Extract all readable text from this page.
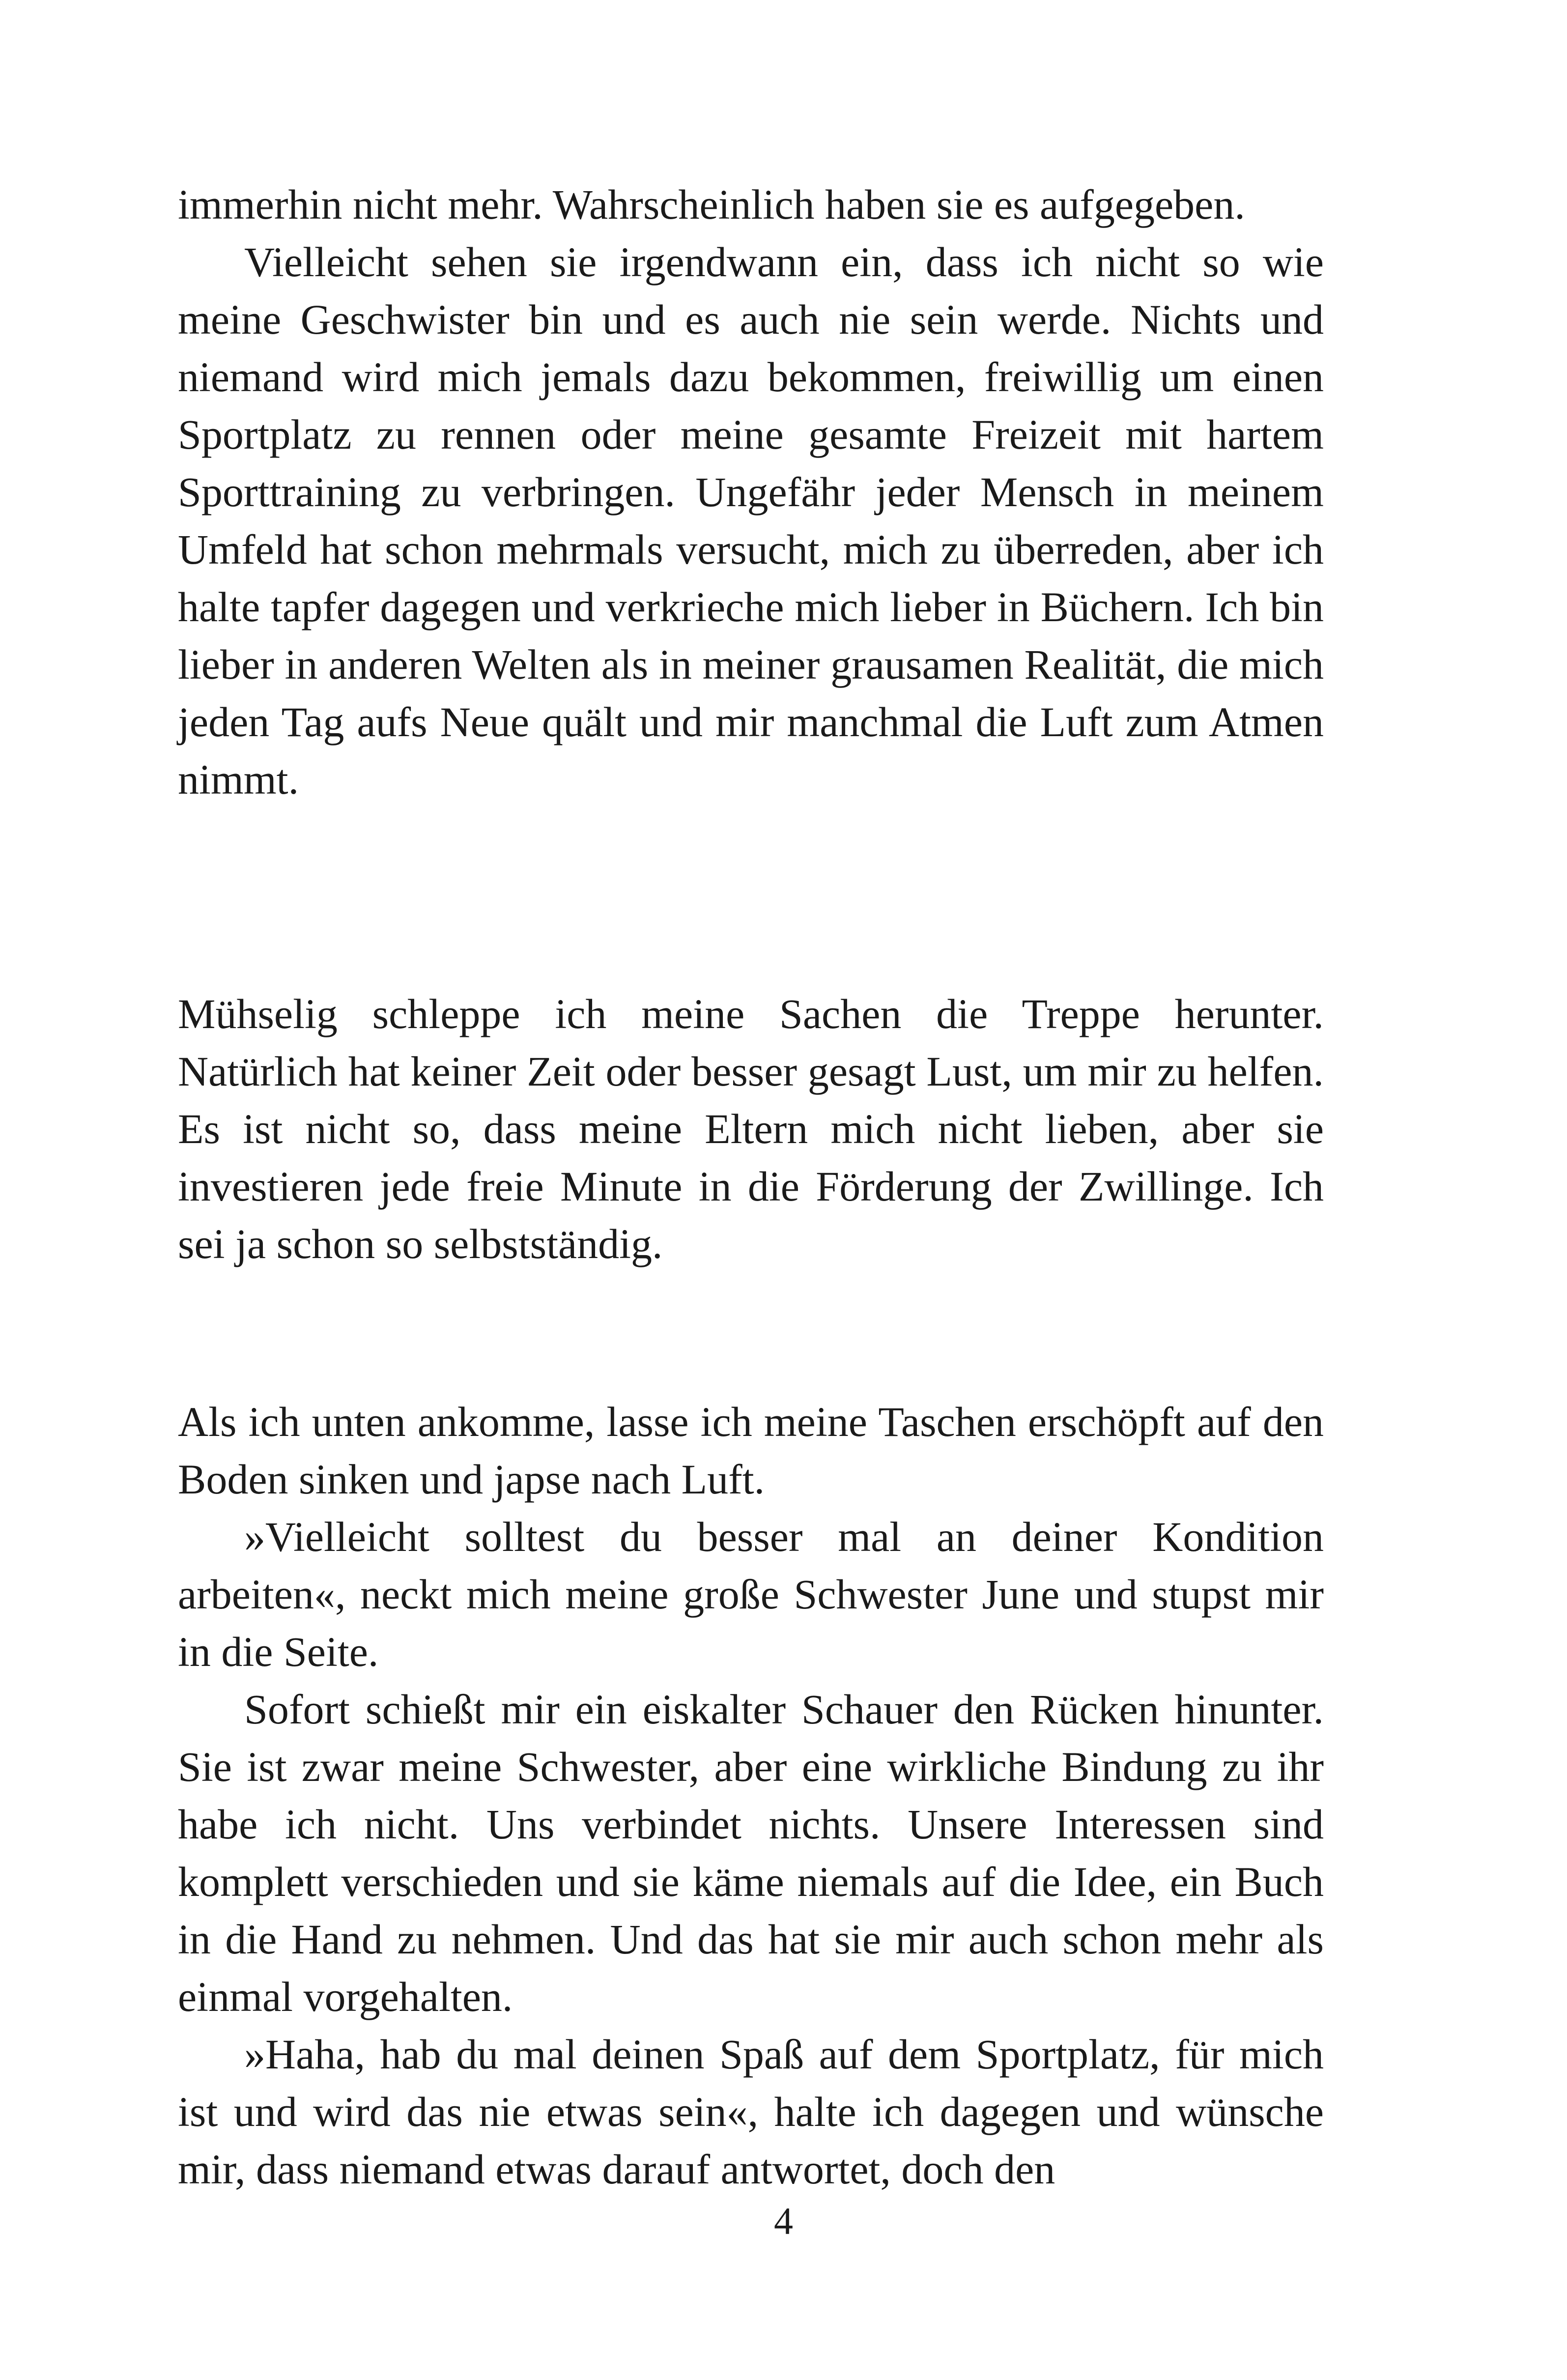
immerhin nicht mehr. Wahrscheinlich haben sie es aufgegeben.

Vielleicht sehen sie irgendwann ein, dass ich nicht so wie meine Geschwister bin und es auch nie sein werde. Nichts und niemand wird mich jemals dazu bekommen, freiwillig um einen Sportplatz zu rennen oder meine gesamte Freizeit mit hartem Sporttraining zu verbringen. Ungefähr jeder Mensch in meinem Umfeld hat schon mehrmals versucht, mich zu überreden, aber ich halte tapfer dagegen und verkrieche mich lieber in Büchern. Ich bin lieber in anderen Welten als in meiner grausamen Realität, die mich jeden Tag aufs Neue quält und mir manchmal die Luft zum Atmen nimmt.

Mühselig schleppe ich meine Sachen die Treppe herunter. Natürlich hat keiner Zeit oder besser gesagt Lust, um mir zu helfen. Es ist nicht so, dass meine Eltern mich nicht lieben, aber sie investieren jede freie Minute in die Förderung der Zwillinge. Ich sei ja schon so selbstständig.

Als ich unten ankomme, lasse ich meine Taschen erschöpft auf den Boden sinken und japse nach Luft.

»Vielleicht solltest du besser mal an deiner Kondition arbeiten«, neckt mich meine große Schwester June und stupst mir in die Seite.

Sofort schießt mir ein eiskalter Schauer den Rücken hinunter. Sie ist zwar meine Schwester, aber eine wirkliche Bindung zu ihr habe ich nicht. Uns verbindet nichts. Unsere Interessen sind komplett verschieden und sie käme niemals auf die Idee, ein Buch in die Hand zu nehmen. Und das hat sie mir auch schon mehr als einmal vorgehalten.

»Haha, hab du mal deinen Spaß auf dem Sportplatz, für mich ist und wird das nie etwas sein«, halte ich dagegen und wünsche mir, dass niemand etwas darauf antwortet, doch den

4
